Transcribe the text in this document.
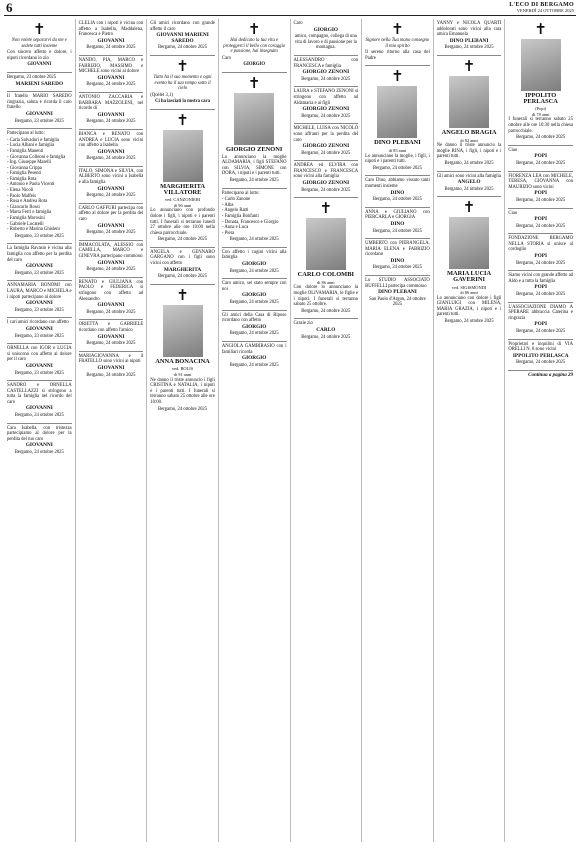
6	L'ECO DI BERGAMO
VENERDÌ 24 OTTOBRE 2025
✝
Non volete separarvi da me e sedete tutti insieme

Con sincero affetto e dolore, i nipoti ricordano lo zio

GIOVANNI

Bergamo, 23 ottobre 2025

MARIENI SAREDO

Il fratello MARIO SAREDO ringrazia, saluta e ricorda il caro fratello

GIOVANNI
Bergamo, 23 ottobre 2025

Partecipano al lutto:

- Carla Salvadori e famiglia
- Lucia Albani e famiglia
- Famiglia Manenti
- Giovanna Colleoni e famiglia
- Ing. Giuseppe Marelli
- Giovanna Crippa
- Famiglia Pesenti
- Famiglia Rota
- Antonio e Paola Vicenti
- Elena Nicoli
- Paolo Maffeis
- Rosa e Andrea Rota
- Giancarlo Rossi
- Marta Ferri e famiglia
- Famiglia Morosini
- Gabriele Locatelli
- Roberto e Marina Ghisleni
Bergamo, 23 ottobre 2025

La famiglia Ravasio è vicina alla famiglia con affetto per la perdita del caro

GIOVANNI
Bergamo, 23 ottobre 2025

ANNAMARIA BONOMI con LAURA, MARCO e MICHELA e i nipoti partecipano al dolore

GIOVANNI
Bergamo, 23 ottobre 2025

I cari amici ricordano con affetto

GIOVANNI
Bergamo, 23 ottobre 2025

ORNELLA con IGOR e LUCIA si uniscono con affetto al dolore per il caro

GIOVANNI
Bergamo, 23 ottobre 2025

SANDRO e ORNELLA CASTELLAZZI si stringono a tutta la famiglia nel ricordo del caro

GIOVANNI
Bergamo, 24 ottobre 2025

Cara Isabella, con tristezza partecipiamo al dolore per la perdita del tuo caro

GIOVANNI
Bergamo, 24 ottobre 2025

CLELIA con i nipoti è vicina con affetto a Isabella, Maddalena, Francesca e Pietro

GIOVANNI
Bergamo, 24 ottobre 2025

NANDO, PIA, MARCO e FABRIZIO, MASSIMO e MICHELE sono vicini al dolore

GIOVANNI
Bergamo, 24 ottobre 2025

ANTONIO ZACCARIA e BARBARA MAZZOLENI, nel ricordo di

GIOVANNI
Bergamo, 24 ottobre 2025

BIANCA e RENATO con ANDREA e LUCIA sono vicini con affetto a Isabella

GIOVANNI
Bergamo, 24 ottobre 2025

ITALO, SIMONA e SILVIA, con ALBERTO sono vicini a Isabella e alla famiglia

GIOVANNI
Bergamo, 24 ottobre 2025

CARLO GAFFURI partecipa con affetto al dolore per la perdita del caro

GIOVANNI
Bergamo, 24 ottobre 2025

IMMACOLATA, ALESSIO con CAMILLA, MARCO e GINEVRA partecipano commossi

GIOVANNI
Bergamo, 24 ottobre 2025

RENATO e GIULIANA con PAOLO e FEDERICA si stringono con affetto ad Alessandro

GIOVANNI
Bergamo, 24 ottobre 2025

ORIETTA e GABRIELE ricordano con affetto l'amico

GIOVANNI
Bergamo, 24 ottobre 2025

MARIAGIOVANNA e il FRATELLO sono vicini ai nipoti

GIOVANNI
Bergamo, 24 ottobre 2025

Gli amici ricordano con grande affetto il caro

GIOVANNI MARIENI SAREDO
Bergamo, 24 ottobre 2025
✝
Tutto ha il suo momento e ogni evento ha il suo tempo sotto il cielo

(Qoèlet 3,1)

Ci ha lasciati la nostra cara
✝
MARGHERITA VILLATORE
ved. CANZONIERI
di 96 anni

Lo annunciano con profondo dolore i figli, i nipoti e i parenti tutti. I funerali si terranno lunedì 27 ottobre alle ore 10:00 nella chiesa parrocchiale.

Bergamo, 24 ottobre 2025

ANGELA e GENNARO GARGANO con i figli sono vicini con affetto

MARGHERITA
Bergamo, 24 ottobre 2025
✝
ANNA BONACINA
ved. BOLIS
di 91 anni

Ne danno il triste annuncio i figli CRISTINA e NATALIA, i nipoti e i parenti tutti. I funerali si terranno sabato 25 ottobre alle ore 10:00.

Bergamo, 24 ottobre 2025
✝
Hai dedicato la tua vita e proteggerci il bello con coraggio e passione, hai insegnato

Caro

GIORGIO
✝
GIORGIO ZENONI

Lo annunciano la moglie ALDAMARIA, i figli STEFANO con SILVIA, SIMONE con DORA, i nipoti e i parenti tutti.

Bergamo, 24 ottobre 2025

Partecipano al lutto:

- Carlo Zanone
- Alba
- Angelo Ratti
- Famiglia Bonfanti
- Donata, Francesco e Giorgio
- Anna e Luca
- Piera
Bergamo, 24 ottobre 2025

Con affetto i cugini vicini alla famiglia

GIORGIO
Bergamo, 24 ottobre 2025

Caro amico, sei stato sempre con noi

GIORGIO
Bergamo, 24 ottobre 2025

Gli amici della Casa di Riposo ricordano con affetto

GIORGIO
Bergamo, 24 ottobre 2025

ANGIOLA GAMBIRASIO con i familiari ricorda

GIORGIO
Bergamo, 24 ottobre 2025

Caro

GIORGIO
amico, compagno, collega di una vita di lavoro e di passione per la montagna.

ALESSANDRO con FRANCESCA e famiglia

GIORGIO ZENONI
Bergamo, 24 ottobre 2025

LAURA e STEFANO ZENONI si stringono con affetto ad Aldamaria e ai figli

GIORGIO ZENONI
Bergamo, 24 ottobre 2025

MICHELE, LUISA con NICOLÒ sono affranti per la perdita del caro

GIORGIO ZENONI
Bergamo, 24 ottobre 2025

ANDREA ed ELVIRA con FRANCESCO e FRANCESCA sono vicini alla famiglia

GIORGIO ZENONI
Bergamo, 24 ottobre 2025
✝
CARLO COLOMBI
di 86 anni

Con dolore lo annunciano la moglie OLIVAMARIA, le figlie e i nipoti. I funerali si terranno sabato 25 ottobre.

Bergamo, 24 ottobre 2025

Grazie zio

CARLO
Bergamo, 24 ottobre 2025
✝
Signore nella Tua mano consegno il mio spirito

Il sereno ritorno alla casa del Padre

✝
DINO PLEBANI
di 85 anni

Lo annunciano la moglie, i figli, i nipoti e i parenti tutti.

Bergamo, 24 ottobre 2025

Caro Dino, abbiamo vissuto tanti momenti insieme

DINO
Bergamo, 24 ottobre 2025

ANNA e GIULIANO con PIERCARLA e GIORGIA

DINO
Bergamo, 24 ottobre 2025

UMBERTO con PIERANGELA, MARIA ELENA e FABRIZIO ricordano

DINO
Bergamo, 24 ottobre 2025

Lo STUDIO ASSOCIATO BUFFELLI partecipa commosso

DINO PLEBANI
San Paolo d'Argon, 24 ottobre 2025

YANNY e NICOLA QUARTI addolorati sono vicini alla cara amica Emanuela

DINO PLEBANI
Bergamo, 24 ottobre 2025
✝
ANGELO BRAGIA
di 82 anni

Ne danno il triste annuncio la moglie RINA, i figli, i nipoti e i parenti tutti.

Bergamo, 24 ottobre 2025

Gli amici sono vicini alla famiglia

ANGELO
Bergamo, 24 ottobre 2025
✝
MARIA LUCIA GAVERINI
ved. SIGISMONDI
di 86 anni

Lo annunciano con dolore i figli GIANLUIGI con MILENA, MARIA GRAZIA, i nipoti e i parenti tutti.

Bergamo, 24 ottobre 2025
✝
IPPOLITO PERLASCA
(Popi)
di 78 anni

I funerali si terranno sabato 25 ottobre alle ore 10:30 nella chiesa parrocchiale.

Bergamo, 24 ottobre 2025

Ciao

POPI
Bergamo, 24 ottobre 2025

FIORENZA LEA con MICHELE, TERESA, GIOVANNA con MAURIZIO sono vicini

POPI
Bergamo, 24 ottobre 2025

Ciao

POPI
Bergamo, 24 ottobre 2025

FONDAZIONE BERGAMO NELLA STORIA si unisce al cordoglio

POPI
Bergamo, 24 ottobre 2025

Siamo vicini con grande affetto ad Aldo e a tutta la famiglia

POPI
Bergamo, 24 ottobre 2025

L'ASSOCIAZIONE DIAMO A SPERARE abbraccia Caterina e ringrazia

POPI
Bergamo, 24 ottobre 2025

Proprietari e inquilini di VIA ORELLI N. 8 sono vicini

IPPOLITO PERLASCA
Bergamo, 24 ottobre 2025
Continua a pagina 29
